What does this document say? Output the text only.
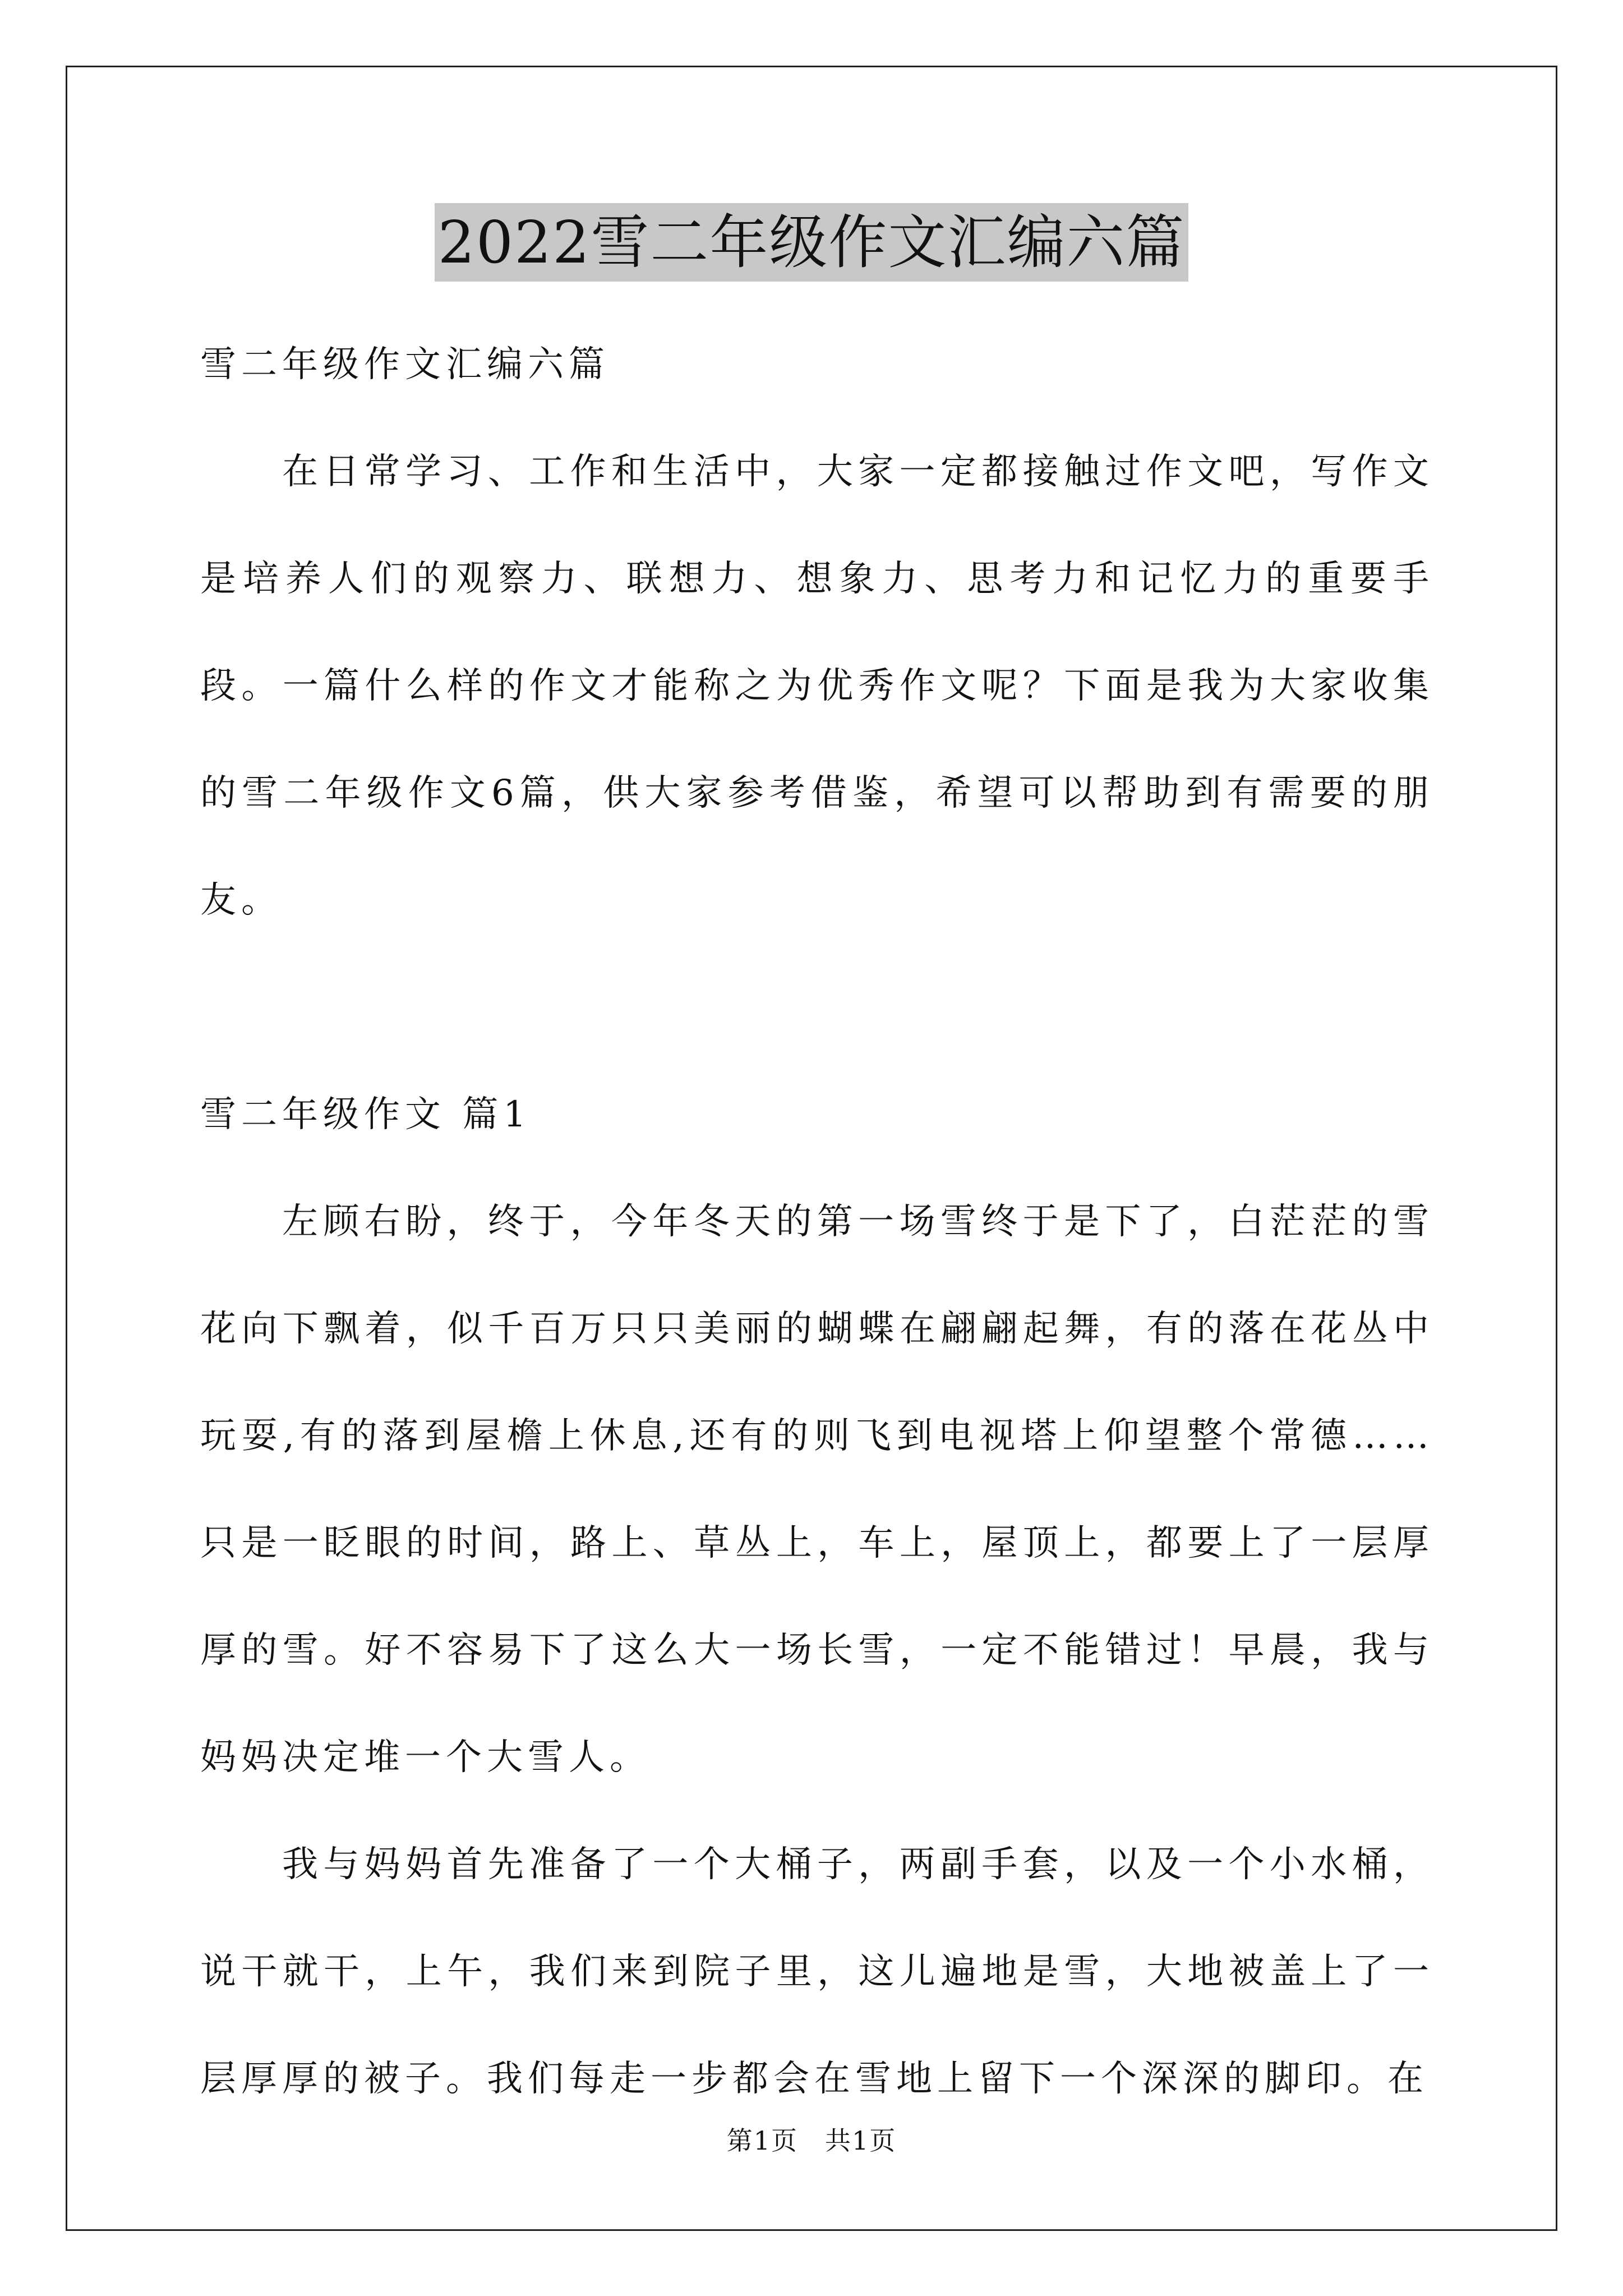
2022雪二年级作文汇编六篇

雪二年级作文汇编六篇

在日常学习、工作和生活中，大家一定都接触过作文吧，写作文是培养人们的观察力、联想力、想象力、思考力和记忆力的重要手段。一篇什么样的作文才能称之为优秀作文呢？下面是我为大家收集的雪二年级作文6篇，供大家参考借鉴，希望可以帮助到有需要的朋友。

雪二年级作文 篇1

左顾右盼，终于，今年冬天的第一场雪终于是下了，白茫茫的雪花向下飘着，似千百万只只美丽的蝴蝶在翩翩起舞，有的落在花丛中玩耍,有的落到屋檐上休息,还有的则飞到电视塔上仰望整个常德……只是一眨眼的时间，路上、草丛上，车上，屋顶上，都要上了一层厚厚的雪。好不容易下了这么大一场长雪，一定不能错过！早晨，我与妈妈决定堆一个大雪人。

我与妈妈首先准备了一个大桶子，两副手套，以及一个小水桶，说干就干，上午，我们来到院子里，这儿遍地是雪，大地被盖上了一层厚厚的被子。我们每走一步都会在雪地上留下一个深深的脚印。在

第1页　共1页
